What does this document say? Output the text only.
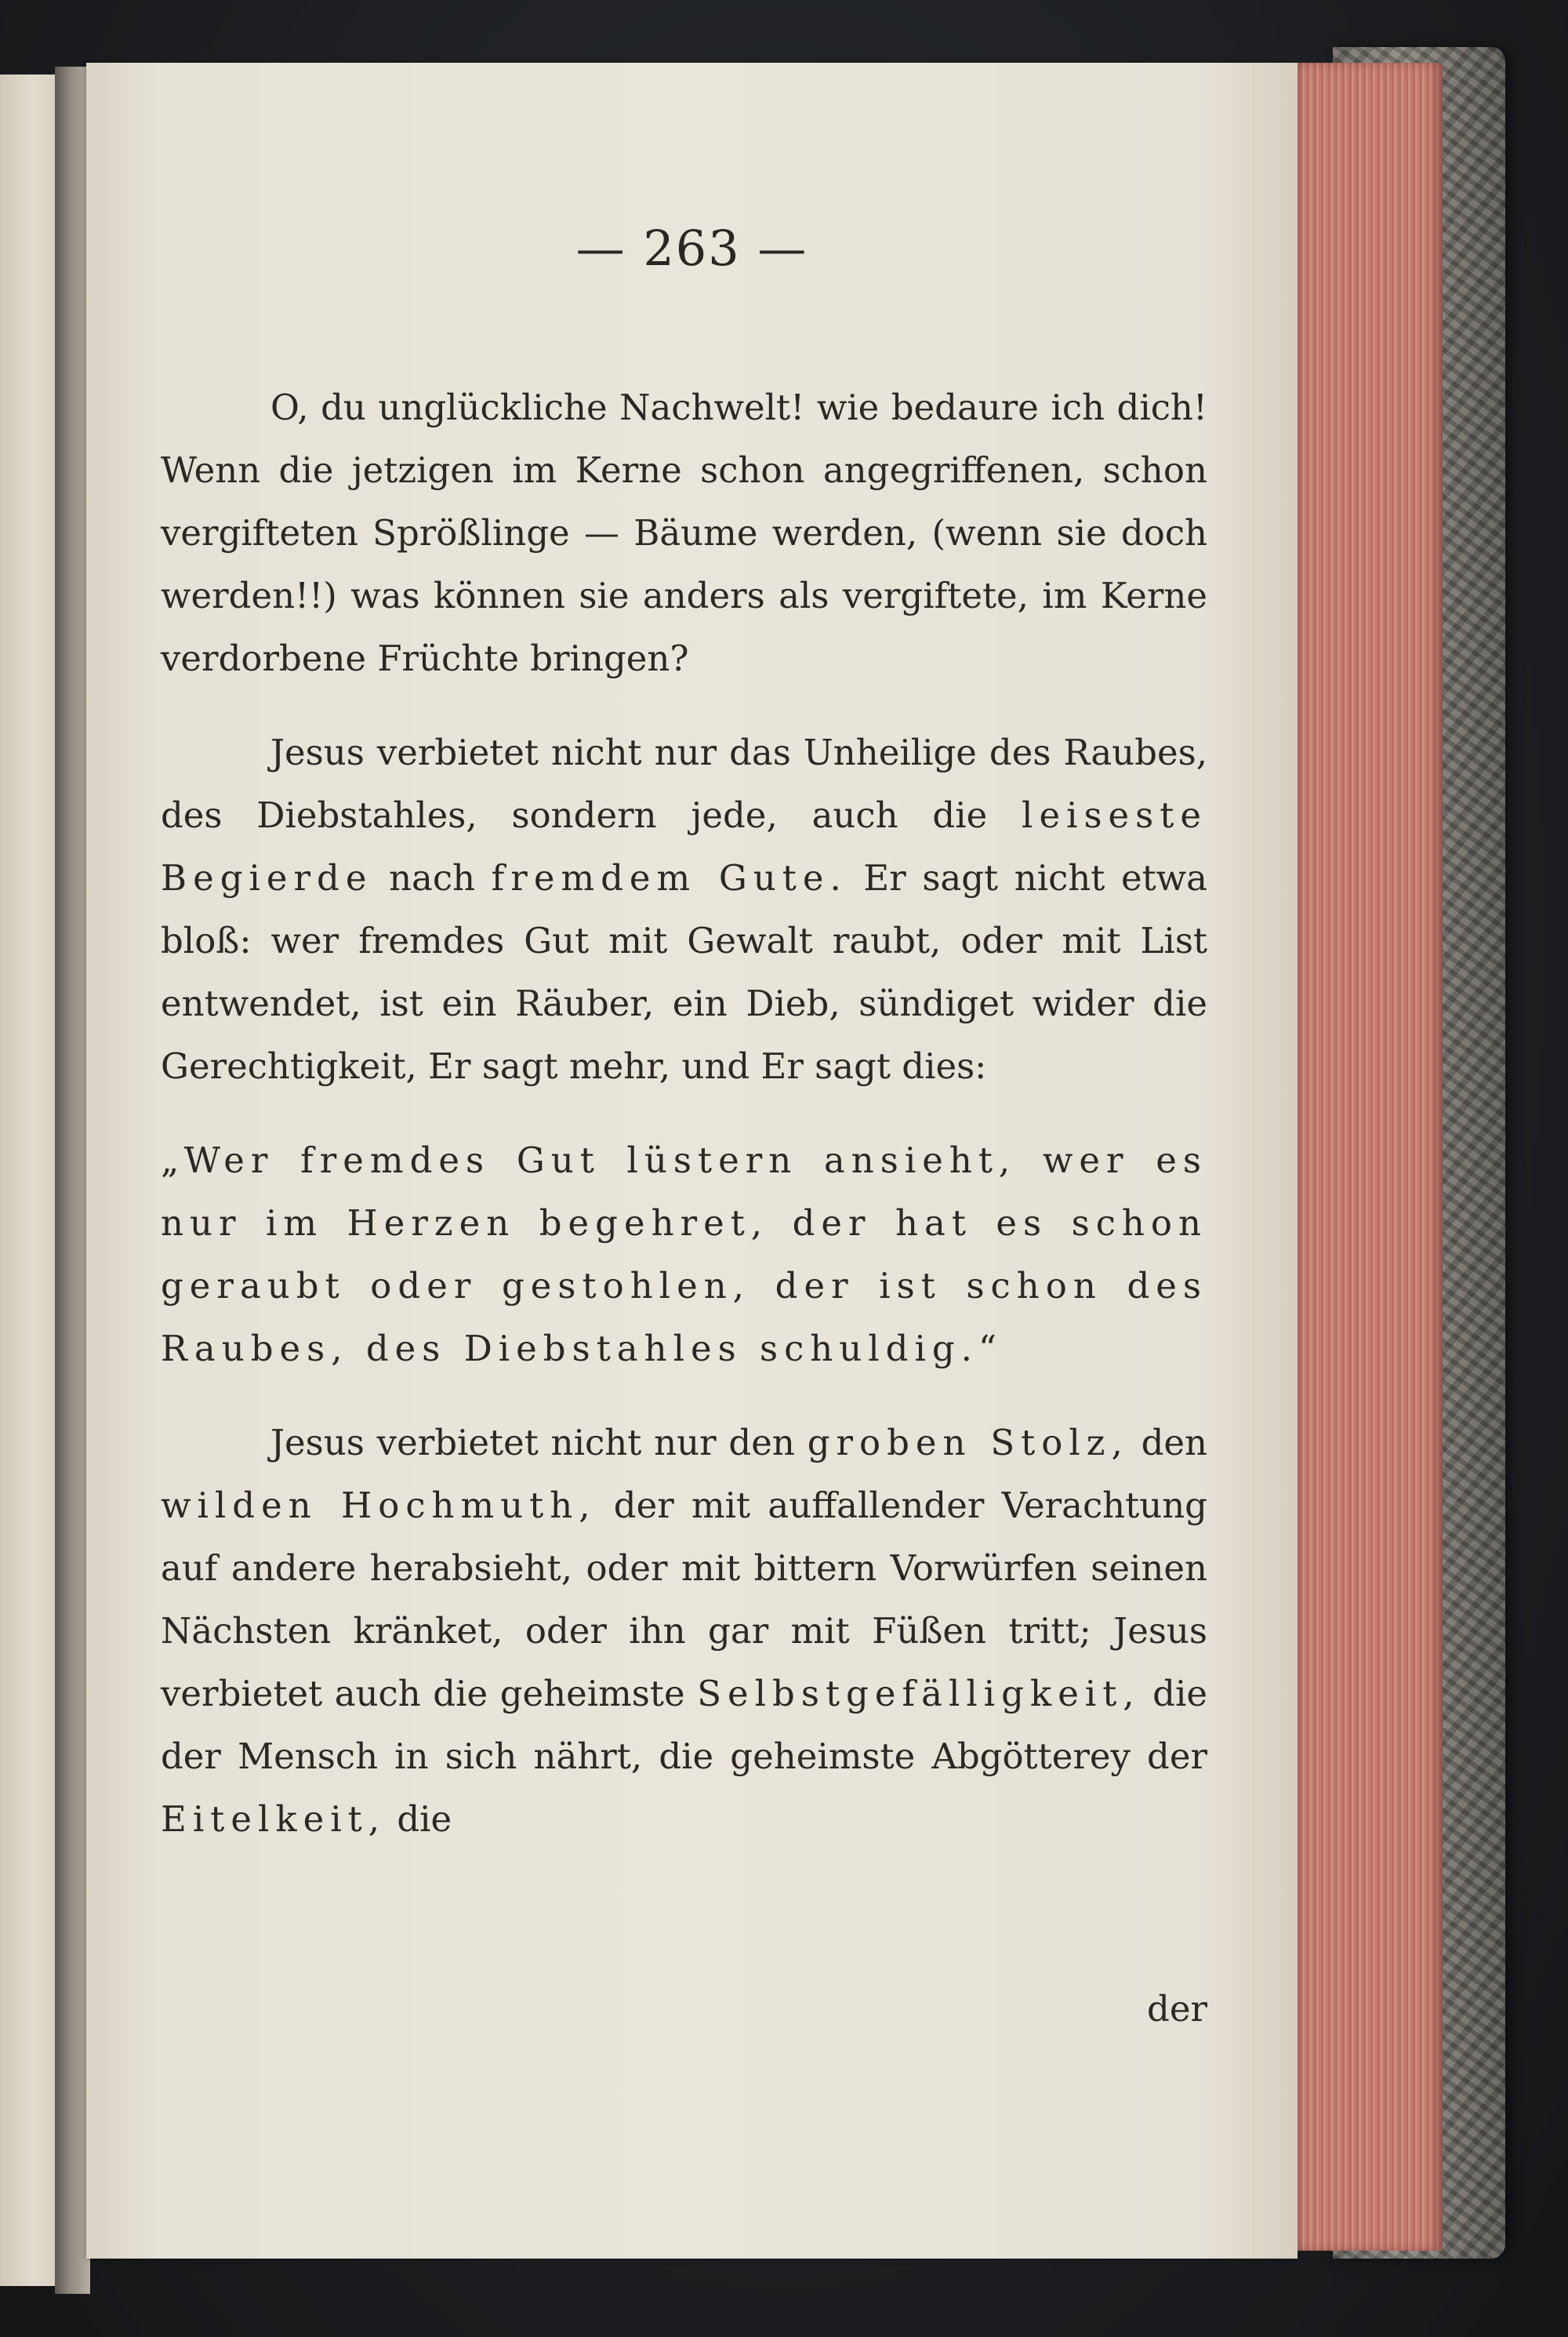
— 263 —

O, du unglückliche Nachwelt! wie bedaure ich dich! Wenn die jetzigen im Kerne schon angegriffenen, schon vergifteten Sprößlinge — Bäume werden, (wenn sie doch werden!!) was können sie anders als vergiftete, im Kerne verdorbene Früchte bringen?

Jesus verbietet nicht nur das Unheilige des Raubes, des Diebstahles, sondern jede, auch die leiseste Begierde nach fremdem Gute. Er sagt nicht etwa bloß: wer fremdes Gut mit Gewalt raubt, oder mit List entwendet, ist ein Räuber, ein Dieb, sündiget wider die Gerechtigkeit, Er sagt mehr, und Er sagt dies:

„Wer fremdes Gut lüstern ansieht, wer es nur im Herzen begehret, der hat es schon geraubt oder gestohlen, der ist schon des Raubes, des Diebstahles schuldig.“

Jesus verbietet nicht nur den groben Stolz, den wilden Hochmuth, der mit auffallender Verachtung auf andere herabsieht, oder mit bittern Vorwürfen seinen Nächsten kränket, oder ihn gar mit Füßen tritt; Jesus verbietet auch die geheimste Selbstgefälligkeit, die der Mensch in sich nährt, die geheimste Abgötterey der Eitelkeit, die

der
